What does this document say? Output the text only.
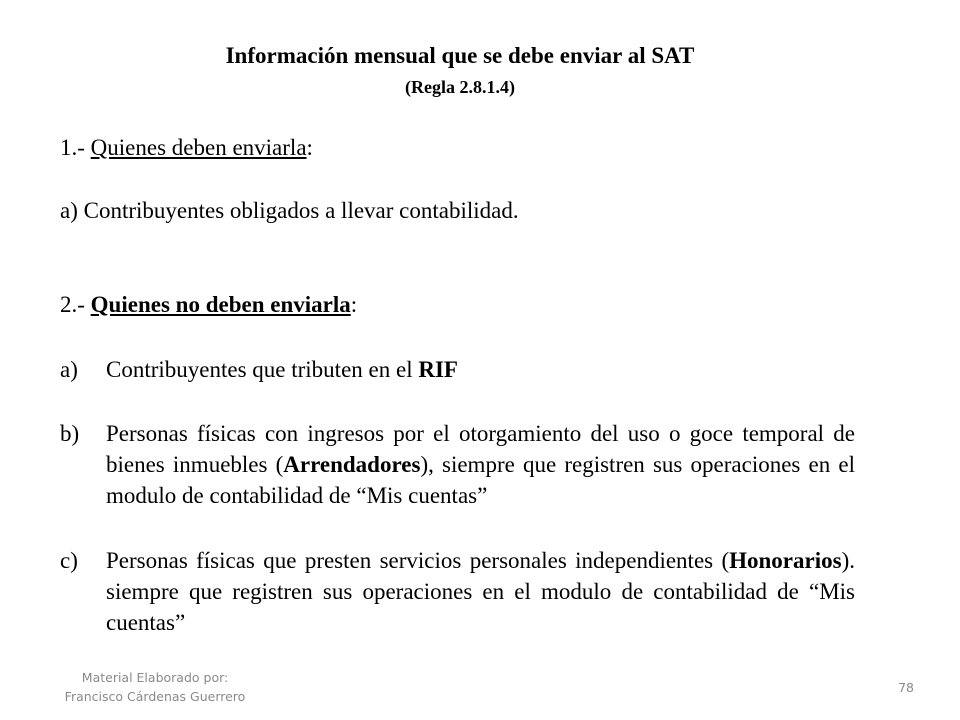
Información mensual que se debe enviar al SAT
(Regla 2.8.1.4)
1.- Quienes deben enviarla:
a) Contribuyentes obligados a llevar contabilidad.
2.- Quienes no deben enviarla:
a) Contribuyentes que tributen en el RIF
b) Personas físicas con ingresos por el otorgamiento del uso o goce temporal de bienes inmuebles (Arrendadores), siempre que registren sus operaciones en el modulo de contabilidad de “Mis cuentas”
c) Personas físicas que presten servicios personales independientes (Honorarios). siempre que registren sus operaciones en el modulo de contabilidad de “Mis cuentas”
Material Elaborado por:
Francisco Cárdenas Guerrero
78
